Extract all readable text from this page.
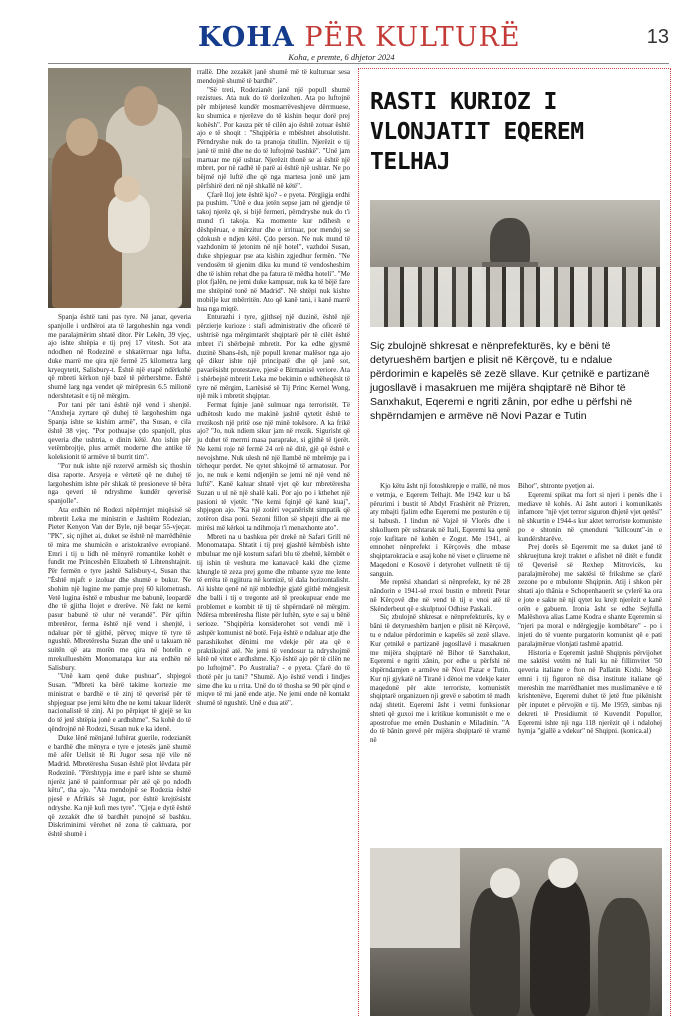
KOHA PËR KULTURË	13
Koha, e premte, 6 dhjetor 2024

Spanja është tani pas tyre. Në janar, qeveria spanjolle i urdhëroi ata të largoheshin nga vendi me paralajmërim shtatë ditor. Për Lekën, 39 vjeç, ajo ishte shtëpia e tij prej 17 vitesh. Sot ata ndodhen në Rodezinë e shkatërruar nga lufta, duke marrë me qira një fermë 25 kilometra larg kryeqytetit, Salisbury-t. Është një etapë ndërkohë që mbreti kërkon një bazë të përhershme. Është shumë larg nga vendet që mirëpresin 6.5 milionë ndershtetasit e tij në mërgim.

Por tani për tani është një vend i shenjtë. "Anxheja zyrtare që duhej të largoheshim nga Spanja ishte se kishim armë", tha Susan, e cila është 38 vjeç. "Por pothuajse çdo spanjoll, plus qeveria dhe ushtria, e dinin këtë. Ato ishin për vetëmbrojtje, plus armët moderne dhe antike të koleksionit të armëve të burrit tim".

"Por nuk ishte një rezervë armësh siç thoshin disa raporte. Arsyeja e vërtetë që ne duhej të largoheshim ishte për shkak të presioneve të bëra nga qeveri të ndryshme kundër qeverisë spanjolle".

Ata erdhën në Rodezi nëpërmjet miqësisë së mbretit Leka me ministrin e Jashtëm Rodezian, Pieter Kenyon Van der Byle, një beqar 55-vjeçar. "PK", siç njihet ai, duket se është në marrëdhënie të mira me shumicën e aristokratëve evropianë. Emri i tij u lidh në mënyrë romantike kohët e fundit me Princeshën Elizabeth të Lihtenshtajnit. Për fermën e tyre jashtë Salisbury-t, Susan tha: "Është mjaft e izoluar dhe shumë e bukur. Ne shohim një lugine me pamje prej 60 kilometrash. Vetë lugina është e mbushur me babunë, leopardë dhe të gjitha llojet e drerëve. Në fakt ne kemi pasur babunë të ulur në verandë". Për qiftin mbretëror, ferma është një vend i shenjtë, i ndaluar për të gjithë, përveç miqve të tyre të ngushtë. Mbretëresha Suzan dhe unë u takuam në suitën që ata morën me qira në hotelin e mrekullueshëm Monomatapa kur ata erdhën në Salisbury.

"Unë kam qenë duke pushuar", shpjegoi Susan. "Mbreti ka bërë takime kortezie me ministrat e bardhë e të zinj të qeverisë për të shpjeguar pse jemi këtu dhe ne kemi takuar liderët nacionalistë të zinj. Ai po përpiqet të gjejë se ku do të jetë shtëpia jonë e ardhshme". Sa kohë do të qëndrojnë në Rodezi, Susan nuk e kа idenë.

Duke lënë mënjanë luftërat guerile, rodezianët e bardhë dhe mënyra e tyre e jetesës janë shumë më afër Uellsit të Ri Jugor sesa një vile në Madrid. Mbretëresha Susan është plot lëvdata për Rodezinë. "Përshtypja ime e parë ishte se shumë njerëz janë të painformuar për atë që po ndodh këtu", tha ajo. "Ata mendojnë se Rodezia është pjesë e Afrikës së Jugut, por është krejtësisht ndryshe. Ka një kufi mes tyre". "Çjeja e dytë është që zezakët dhe të bardhët punojnë së bashku. Diskriminimi vërehet në zona të caktuara, por është shumë i

rrallë. Dhe zezakët janë shumë më të kulturuar sesa mendojnë shumë të bardhë".

"Së treti, Rodezianët janë një popull shumë rezistues. Ata nuk do të dorëzohen. Ata po luftojnë për mbijetesë kundër mosmarrëveshjeve dërrmuese, ku shumica e njerëzve do të kishin hequr dorë prej kohësh". Por kauza për të cilën ajo është zotuar është ajo e të shoqit : "Shqipëria e mbështet absolutisht. Përndryshe nuk do ta pranoja titullin. Njerëzit e tij janë të mitë dhe ne do të luftojmë bashkë". "Unë jam martuar me një ushtar. Njerëzit thonë se ai është një mbret, por në radhë të parë ai është një ushtar. Ne po bëjmë një luftë dhe që nga martesa jonë unë jam përfshirë deri në një shkallë në këtë".

Çfarë lloj jete është kjo? - e pyeta. Përgjigja erdhi pa pushim. "Unë e dua jetën sepse jam në gjendje të takoj njerëz që, si bijë fermeri, përndryshe nuk do t'i mund t'i takoja. Ka momente kur ndihesh e dëshpëruar, e mërzitur dhe e irrituar, por mendoj se çdokush e ndjen këtë. Çdo person. Ne nuk mund të vazhdonim të jetonim në një hotel", vazhdoi Susan, duke shpjeguar pse ata kishin zgjedhur fermën. "Ne vendosëm të gjenim diku ku mund të vendosheshim dhe të ishim rehat dhe pa fatura të mëdha hoteli". "Me plot fjalën, ne jemi duke kampuar, nuk ka të bëjë fare me shtëpinë tonë në Madrid". Në shtëpi nuk kishte mobilje kur mbërritën. Ato që kanë tani, i kanë marrë hua nga miqtë.

Enturazhi i tyre, gjithsej një duzinë, është një përzierje kurioze : stafi administrativ dhe oficerë të ushtrisë nga mërgimtarët shqiptarë për të cilët është mbret i'i shërbejnë mbretit. Por ka edhe gjysmë duzinë Shans-ësh, një popull krenar malësor nga ajo që dikur ishte një principatë dhe që janë sot, pavarësisht protestave, pjesë e Birmanisë veriore. Ata i shërbejnë mbretit Leka me bekimin e udhëheqësit të tyre në mërgim, Lartësisë së Tij Princ Kernel Wong, një mik i mbretit shqiptar.

Fermat fqinje janë sulmuar nga terroristët. Të udhëtosh kudo me makinë jashtë qytetit është te rrezikosh një pritë ose një minë tokësore. A ka frikë ajo? "Jo, nuk ndiem sikur jam në rrezik. Sigurisht që ju duhet të merrni masa paraprake, si gjithë të tjerët. Ne kemi roje në fermë 24 orë në ditë, gjë që është e nevojshme. Nuk ulesh në një llambë në mbrëmje pa i tërhequr perdet. Ne qytet shkojmë të armatosur. Por jo, ne nuk e kemi ndjenjën se jemi në një vend në luftë". Kanë kaluar shtatë vjet që kur mbretëresha Suzan u ul në një shalë kali. Por ajo po i kthehet një pasioni të vjetër. "Ne kemi fqinjë që kanë kuaj", shpjegon ajo. "Ka një zotëri veçanërisht simpatik që zotëron disa poni. Sezoni fillon së shpejti dhe ai me mirësi më kërkoi ta ndihmoja t'i menaxhonte ato".

Mbreti na u bashkua për drekë në Safari Grill në Monomatapa. Shtatit i tij prej gjashtë këmbësh ishte mbuluar me një kostum safari blu të zbehtë, këmbët e tij ishin të veshura me kanavacë kaki dhe çizme khungle të zeza prej gome dhe mbante syze me lente të errëta të ngjitura në kornizë, të dala horizontalisht. Ai kishte qenë në një mbledhje gjatë gjithë mëngjesit dhe balli i tij e tregonte atë të preokupuar ende me problemet e kombit të tij të shpërndarë në mërgim. Ndërsa mbretëresha fliste për luftën, syte e saj u bënë serioze. "Shqipëria konsiderohet sot vendi më i ashpër komunist në botë. Feja është e ndaluar atje dhe parashikohet dënimi me vdekje për ata që e praktikojnë atë. Ne jemi të vendosur ta ndryshojmë këtë në vitet e ardhshme. Kjo është ajo për të cilën ne po luftojmë". Po Australia? - e pyeta. Çfarë do të thotë për ju tani? "Shumë. Ajo është vendi i lindjes sime dhe ku u rrita. Unë do të thosha se 90 për qind e miqve të mi janë ende atje. Ne jemi ende në kontakt shumë të ngushtë. Unë e dua atë".

RASTI KURIOZ I VLONJATIT EQEREM TELHAJ
Siç zbulojnë shkresat e nënprefekturës, ky e bëni të detyrueshëm bartjen e plisit në Kërçovë, tu e ndalue përdorimin e kapelës së zezë sllave. Kur çetnikë e partizanë jugosllavë i masakruen me mijëra shqiptarë në Bihor të Sanxhakut, Eqeremi e ngriti zânin, por edhe u përfshi në shpërndamjen e armëve në Novi Pazar e Tutin

Kjo këtu âsht nji fotoshkrepje e rrallë, në mos e vetmja, e Eqerem Telhajt. Me 1942 kur u bâ përurimi i bustit të Abdyl Frashërit në Prizren, aty mbajti fjalim edhe Eqeremi me posturën e tij si babush. I lindun në Vajzë të Vlorës dhe i shkolluem për ushtarak në Itali, Eqeremi ka qenë roje kufitare në kohën e Zogut. Me 1941, ai emnohet nënprefekt i Kërçovës dhe mbase shqiptarokracia e asaj kohe në viset e çlirueme në Maqedoni e Kosovë i detyrohet vullnetit të tij sanguin.

Me reptësi xhandari si nënprefekt, ky në 28 nândorin e 1941-së rrxoi bustin e mbretit Petar në Kërçovë dhe në vend të tij e vnoi atë të Skënderbeut që e skulptuoi Odhise Paskali.

Siç zbulojnë shkresat e nënprefekturës, ky e bâni të detyrueshëm bartjen e plisit në Kërçovë, tu e ndalue përdorimin e kapelës së zezë sllave. Kur çetnikë e partizanë jugosllavë i masakruen me mijëra shqiptarë në Bihor të Sanxhakut, Eqeremi e ngriti zânin, por edhe u përfshi në shpërndamjen e armëve në Novi Pazar e Tutin. Kur nji gjykatë në Tiranë i dënoi me vdekje kater maqedonë për akte terroriste, komunistët shqiptarë organizuen nji grevë e sabotim të madh ndaj shtetit. Eqeremi âsht i vetmi funksionar shteti që guxoi me i kritikue komunistët e me e apostrofue me emën Dushanin e Miladinin. "A do të bânin grevë për mijëra shqiptarë të vramë në

Bihor", shtronte pyetjen ai.

Eqeremi spikat ma fort si njeri i penës dhe i mediave të kohës. Ai âsht autori i komunikatës infamore "një vjet terror siguron dhjetë vjet qetësi" në shkurtin e 1944-s kur aktet terroriste komuniste po e shtonin në çmenduni "killcount"-in e kundërshtarëve.

Prej dorës së Eqeremit me sa duket janë të shkruejtuna krejt traktet e afishet në ditët e fundit të Qeverisë së Rexhep Mitrovicës, ku paralajmërohej me saktësi të frikshme se çfarë zezone po e mbulonte Shqipnin. Atij i shkon për shtati ajo thânia e Schopenhauerit se çvlerë ka ora e jote e sakte në nji qytet ku krejt njerëzit e kanë orën e gabuem. Ironia âsht se edhe Sejfulla Malëshova alias Lame Kodra e shante Eqeremin si "njeri pa moral e ndërgjegjje kombëtare" - po i injeti do të vuente purgatorin komunist që e pati paralajmëruе vlonjati tashmë apatrid.

Historia e Eqeremit jashtë Shqipnis përvijohet me saktësi vetëm në Itali ku në fillimvitet '50 qeveria italiane e fton në Pallatin Kixhi. Meqë emni i tij figuron në disa institute italiane që mereshin me marrëdhaniet mes muslimanëve e të krishtenëve, Eqeremi duhet të jetë ftue pikënisht për inputet e përvojën e tij. Me 1959, simbas nji dekreti të Presidiumit të Kuvendit Popullor, Eqeremi ishte nji nga 118 njerëzit që i ndalohej hymja "gjallë a vdekur" në Shqipni. (konica.al)
